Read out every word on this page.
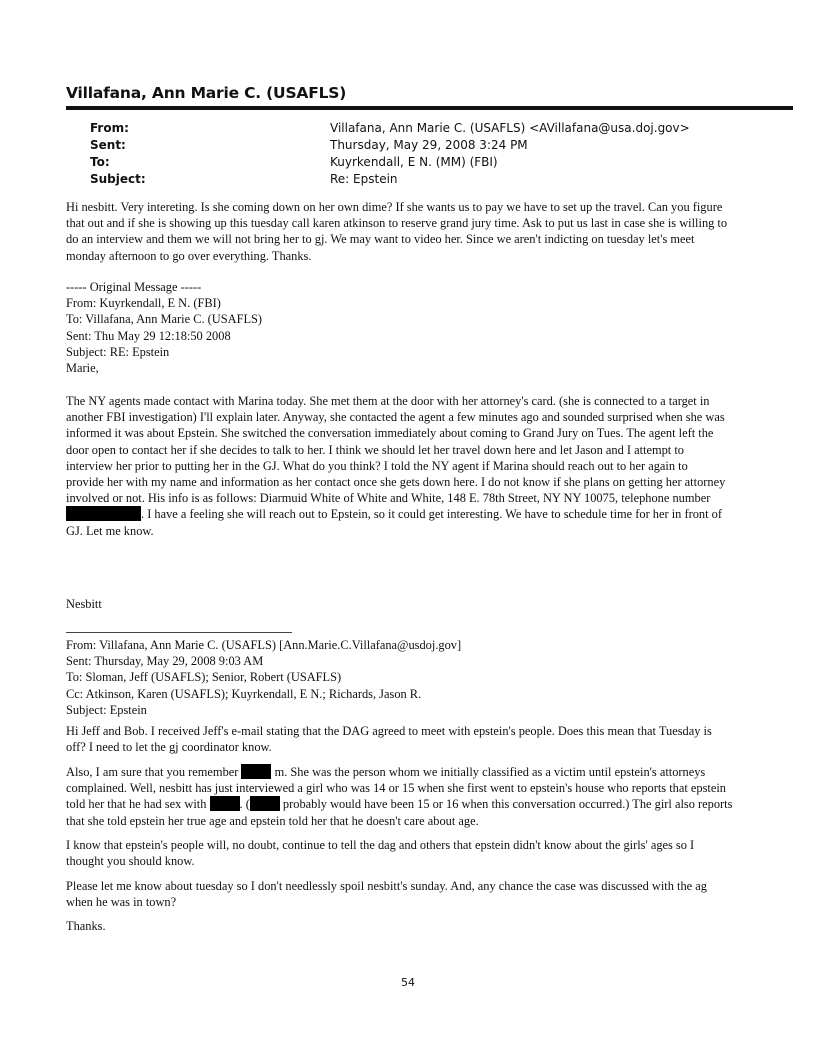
Villafana, Ann Marie C. (USAFLS)
From:	Villafana, Ann Marie C. (USAFLS) <AVillafana@usa.doj.gov>
Sent:	Thursday, May 29, 2008 3:24 PM
To:	Kuyrkendall, E N. (MM) (FBI)
Subject:	Re: Epstein
Hi nesbitt. Very intereting. Is she coming down on her own dime? If she wants us to pay we have to set up the travel. Can you figure
that out and if she is showing up this tuesday call karen atkinson to reserve grand jury time. Ask to put us last in case she is willing to
do an interview and them we will not bring her to gj. We may want to video her. Since we aren't indicting on tuesday let's meet
monday afternoon to go over everything. Thanks.
----- Original Message -----
From: Kuyrkendall, E N. (FBI)
To: Villafana, Ann Marie C. (USAFLS)
Sent: Thu May 29 12:18:50 2008
Subject: RE: Epstein
Marie,
The NY agents made contact with Marina today. She met them at the door with her attorney's card. (she is connected to a target in
another FBI investigation) I'll explain later. Anyway, she contacted the agent a few minutes ago and sounded surprised when she was
informed it was about Epstein. She switched the conversation immediately about coming to Grand Jury on Tues. The agent left the
door open to contact her if she decides to talk to her. I think we should let her travel down here and let Jason and I attempt to
interview her prior to putting her in the GJ. What do you think? I told the NY agent if Marina should reach out to her again to
provide her with my name and information as her contact once she gets down here. I do not know if she plans on getting her attorney
involved or not. His info is as follows: Diarmuid White of White and White, 148 E. 78th Street, NY NY 10075, telephone number
. I have a feeling she will reach out to Epstein, so it could get interesting. We have to schedule time for her in front of
GJ. Let me know.
Nesbitt
From: Villafana, Ann Marie C. (USAFLS) [Ann.Marie.C.Villafana@usdoj.gov]
Sent: Thursday, May 29, 2008 9:03 AM
To: Sloman, Jeff (USAFLS); Senior, Robert (USAFLS)
Cc: Atkinson, Karen (USAFLS); Kuyrkendall, E N.; Richards, Jason R.
Subject: Epstein
Hi Jeff and Bob. I received Jeff's e-mail stating that the DAG agreed to meet with epstein's people. Does this mean that Tuesday is
off? I need to let the gj coordinator know.
Also, I am sure that you remember  m. She was the person whom we initially classified as a victim until epstein's attorneys
complained. Well, nesbitt has just interviewed a girl who was 14 or 15 when she first went to epstein's house who reports that epstein
told her that he had sex with . ( probably would have been 15 or 16 when this conversation occurred.) The girl also reports
that she told epstein her true age and epstein told her that he doesn't care about age.
I know that epstein's people will, no doubt, continue to tell the dag and others that epstein didn't know about the girls' ages so I
thought you should know.
Please let me know about tuesday so I don't needlessly spoil nesbitt's sunday. And, any chance the case was discussed with the ag
when he was in town?
Thanks.
54
